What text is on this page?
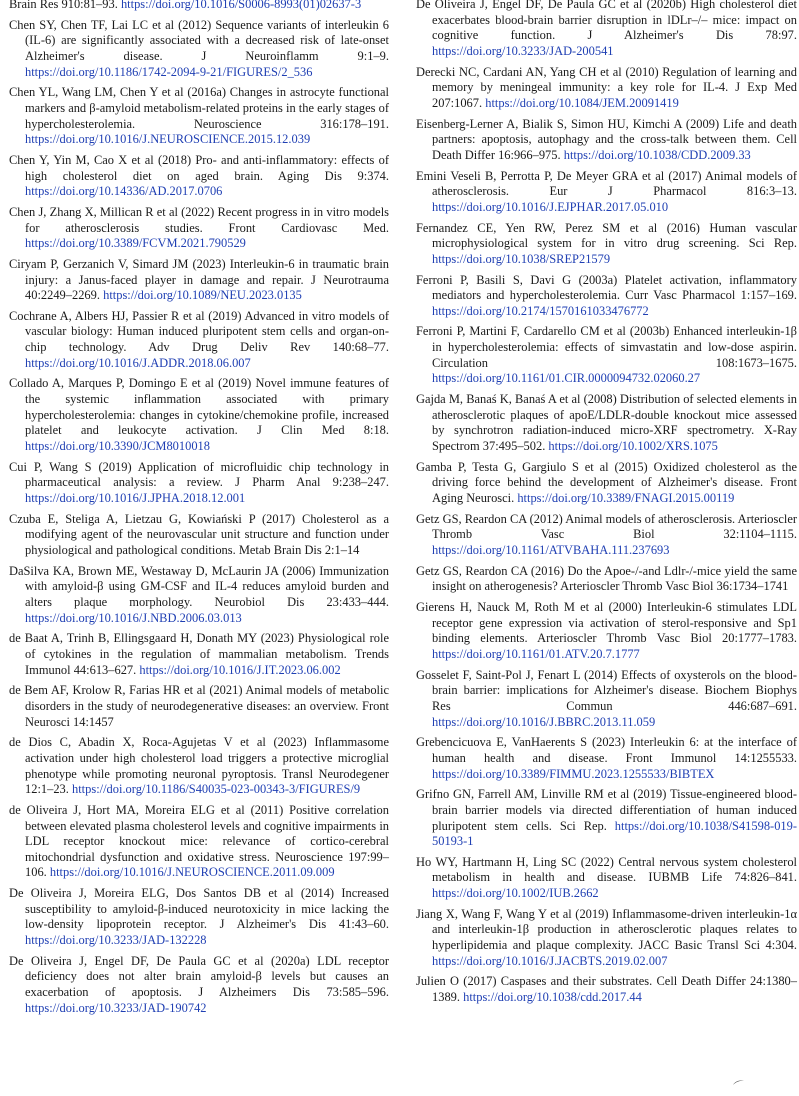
Brain Res 910:81–93. https://doi.org/10.1016/S0006-8993(01)02637-3

Chen SY, Chen TF, Lai LC et al (2012) Sequence variants of interleukin 6 (IL-6) are significantly associated with a decreased risk of late-onset Alzheimer's disease. J Neuroinflamm 9:1–9. https://doi.org/10.1186/1742-2094-9-21/FIGURES/2_536

Chen YL, Wang LM, Chen Y et al (2016a) Changes in astrocyte functional markers and β-amyloid metabolism-related proteins in the early stages of hypercholesterolemia. Neuroscience 316:178–191. https://doi.org/10.1016/J.NEUROSCIENCE.2015.12.039

Chen Y, Yin M, Cao X et al (2018) Pro- and anti-inflammatory: effects of high cholesterol diet on aged brain. Aging Dis 9:374. https://doi.org/10.14336/AD.2017.0706

Chen J, Zhang X, Millican R et al (2022) Recent progress in in vitro models for atherosclerosis studies. Front Cardiovasc Med. https://doi.org/10.3389/FCVM.2021.790529

Ciryam P, Gerzanich V, Simard JM (2023) Interleukin-6 in traumatic brain injury: a Janus-faced player in damage and repair. J Neurotrauma 40:2249–2269. https://doi.org/10.1089/NEU.2023.0135

Cochrane A, Albers HJ, Passier R et al (2019) Advanced in vitro models of vascular biology: Human induced pluripotent stem cells and organ-on-chip technology. Adv Drug Deliv Rev 140:68–77. https://doi.org/10.1016/J.ADDR.2018.06.007

Collado A, Marques P, Domingo E et al (2019) Novel immune features of the systemic inflammation associated with primary hypercholesterolemia: changes in cytokine/chemokine profile, increased platelet and leukocyte activation. J Clin Med 8:18. https://doi.org/10.3390/JCM8010018

Cui P, Wang S (2019) Application of microfluidic chip technology in pharmaceutical analysis: a review. J Pharm Anal 9:238–247. https://doi.org/10.1016/J.JPHA.2018.12.001

Czuba E, Steliga A, Lietzau G, Kowiański P (2017) Cholesterol as a modifying agent of the neurovascular unit structure and function under physiological and pathological conditions. Metab Brain Dis 2:1–14

DaSilva KA, Brown ME, Westaway D, McLaurin JA (2006) Immunization with amyloid-β using GM-CSF and IL-4 reduces amyloid burden and alters plaque morphology. Neurobiol Dis 23:433–444. https://doi.org/10.1016/J.NBD.2006.03.013

de Baat A, Trinh B, Ellingsgaard H, Donath MY (2023) Physiological role of cytokines in the regulation of mammalian metabolism. Trends Immunol 44:613–627. https://doi.org/10.1016/J.IT.2023.06.002

de Bem AF, Krolow R, Farias HR et al (2021) Animal models of metabolic disorders in the study of neurodegenerative diseases: an overview. Front Neurosci 14:1457

de Dios C, Abadin X, Roca-Agujetas V et al (2023) Inflammasome activation under high cholesterol load triggers a protective microglial phenotype while promoting neuronal pyroptosis. Transl Neurodegener 12:1–23. https://doi.org/10.1186/S40035-023-00343-3/FIGURES/9

de Oliveira J, Hort MA, Moreira ELG et al (2011) Positive correlation between elevated plasma cholesterol levels and cognitive impairments in LDL receptor knockout mice: relevance of cortico-cerebral mitochondrial dysfunction and oxidative stress. Neuroscience 197:99–106. https://doi.org/10.1016/J.NEUROSCIENCE.2011.09.009

De Oliveira J, Moreira ELG, Dos Santos DB et al (2014) Increased susceptibility to amyloid-β-induced neurotoxicity in mice lacking the low-density lipoprotein receptor. J Alzheimer's Dis 41:43–60. https://doi.org/10.3233/JAD-132228

De Oliveira J, Engel DF, De Paula GC et al (2020a) LDL receptor deficiency does not alter brain amyloid-β levels but causes an exacerbation of apoptosis. J Alzheimers Dis 73:585–596. https://doi.org/10.3233/JAD-190742

De Oliveira J, Engel DF, De Paula GC et al (2020b) High cholesterol diet exacerbates blood-brain barrier disruption in lDLr–/– mice: impact on cognitive function. J Alzheimer's Dis 78:97. https://doi.org/10.3233/JAD-200541

Derecki NC, Cardani AN, Yang CH et al (2010) Regulation of learning and memory by meningeal immunity: a key role for IL-4. J Exp Med 207:1067. https://doi.org/10.1084/JEM.20091419

Eisenberg-Lerner A, Bialik S, Simon HU, Kimchi A (2009) Life and death partners: apoptosis, autophagy and the cross-talk between them. Cell Death Differ 16:966–975. https://doi.org/10.1038/CDD.2009.33

Emini Veseli B, Perrotta P, De Meyer GRA et al (2017) Animal models of atherosclerosis. Eur J Pharmacol 816:3–13. https://doi.org/10.1016/J.EJPHAR.2017.05.010

Fernandez CE, Yen RW, Perez SM et al (2016) Human vascular microphysiological system for in vitro drug screening. Sci Rep. https://doi.org/10.1038/SREP21579

Ferroni P, Basili S, Davi G (2003a) Platelet activation, inflammatory mediators and hypercholesterolemia. Curr Vasc Pharmacol 1:157–169. https://doi.org/10.2174/1570161033476772

Ferroni P, Martini F, Cardarello CM et al (2003b) Enhanced interleukin-1β in hypercholesterolemia: effects of simvastatin and low-dose aspirin. Circulation 108:1673–1675. https://doi.org/10.1161/01.CIR.0000094732.02060.27

Gajda M, Banaś K, Banaś A et al (2008) Distribution of selected elements in atherosclerotic plaques of apoE/LDLR-double knockout mice assessed by synchrotron radiation-induced micro-XRF spectrometry. X-Ray Spectrom 37:495–502. https://doi.org/10.1002/XRS.1075

Gamba P, Testa G, Gargiulo S et al (2015) Oxidized cholesterol as the driving force behind the development of Alzheimer's disease. Front Aging Neurosci. https://doi.org/10.3389/FNAGI.2015.00119

Getz GS, Reardon CA (2012) Animal models of atherosclerosis. Arterioscler Thromb Vasc Biol 32:1104–1115. https://doi.org/10.1161/ATVBAHA.111.237693

Getz GS, Reardon CA (2016) Do the Apoe-/-and Ldlr-/-mice yield the same insight on atherogenesis? Arterioscler Thromb Vasc Biol 36:1734–1741

Gierens H, Nauck M, Roth M et al (2000) Interleukin-6 stimulates LDL receptor gene expression via activation of sterol-responsive and Sp1 binding elements. Arterioscler Thromb Vasc Biol 20:1777–1783. https://doi.org/10.1161/01.ATV.20.7.1777

Gosselet F, Saint-Pol J, Fenart L (2014) Effects of oxysterols on the blood-brain barrier: implications for Alzheimer's disease. Biochem Biophys Res Commun 446:687–691. https://doi.org/10.1016/J.BBRC.2013.11.059

Grebencicuova E, VanHaerents S (2023) Interleukin 6: at the interface of human health and disease. Front Immunol 14:1255533. https://doi.org/10.3389/FIMMU.2023.1255533/BIBTEX

Grifno GN, Farrell AM, Linville RM et al (2019) Tissue-engineered blood-brain barrier models via directed differentiation of human induced pluripotent stem cells. Sci Rep. https://doi.org/10.1038/S41598-019-50193-1

Ho WY, Hartmann H, Ling SC (2022) Central nervous system cholesterol metabolism in health and disease. IUBMB Life 74:826–841. https://doi.org/10.1002/IUB.2662

Jiang X, Wang F, Wang Y et al (2019) Inflammasome-driven interleukin-1α and interleukin-1β production in atherosclerotic plaques relates to hyperlipidemia and plaque complexity. JACC Basic Transl Sci 4:304. https://doi.org/10.1016/J.JACBTS.2019.02.007

Julien O (2017) Caspases and their substrates. Cell Death Differ 24:1380–1389. https://doi.org/10.1038/cdd.2017.44

⌒
